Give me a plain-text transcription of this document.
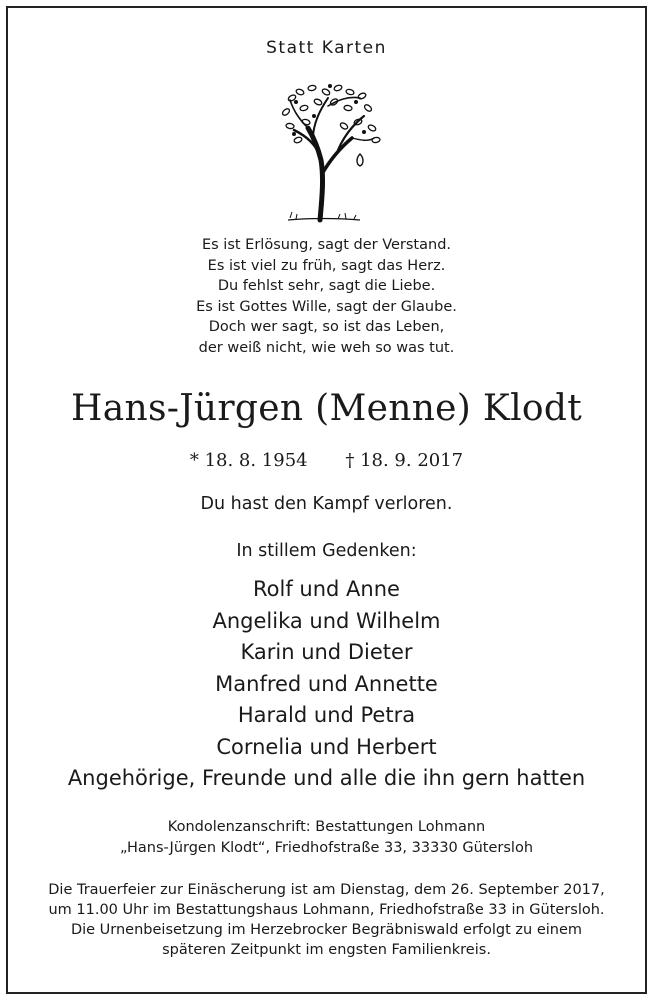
Statt Karten
Es ist Erlösung, sagt der Verstand.
Es ist viel zu früh, sagt das Herz.
Du fehlst sehr, sagt die Liebe.
Es ist Gottes Wille, sagt der Glaube.
Doch wer sagt, so ist das Leben,
der weiß nicht, wie weh so was tut.
Hans-Jürgen (Menne) Klodt
* 18. 8. 1954 † 18. 9. 2017
Du hast den Kampf verloren.
In stillem Gedenken:
Rolf und Anne
Angelika und Wilhelm
Karin und Dieter
Manfred und Annette
Harald und Petra
Cornelia und Herbert
Angehörige, Freunde und alle die ihn gern hatten
Kondolenzanschrift: Bestattungen Lohmann
„Hans-Jürgen Klodt“, Friedhofstraße 33, 33330 Gütersloh
Die Trauerfeier zur Einäscherung ist am Dienstag, dem 26. September 2017,
um 11.00 Uhr im Bestattungshaus Lohmann, Friedhofstraße 33 in Gütersloh.
Die Urnenbeisetzung im Herzebrocker Begräbniswald erfolgt zu einem
späteren Zeitpunkt im engsten Familienkreis.
